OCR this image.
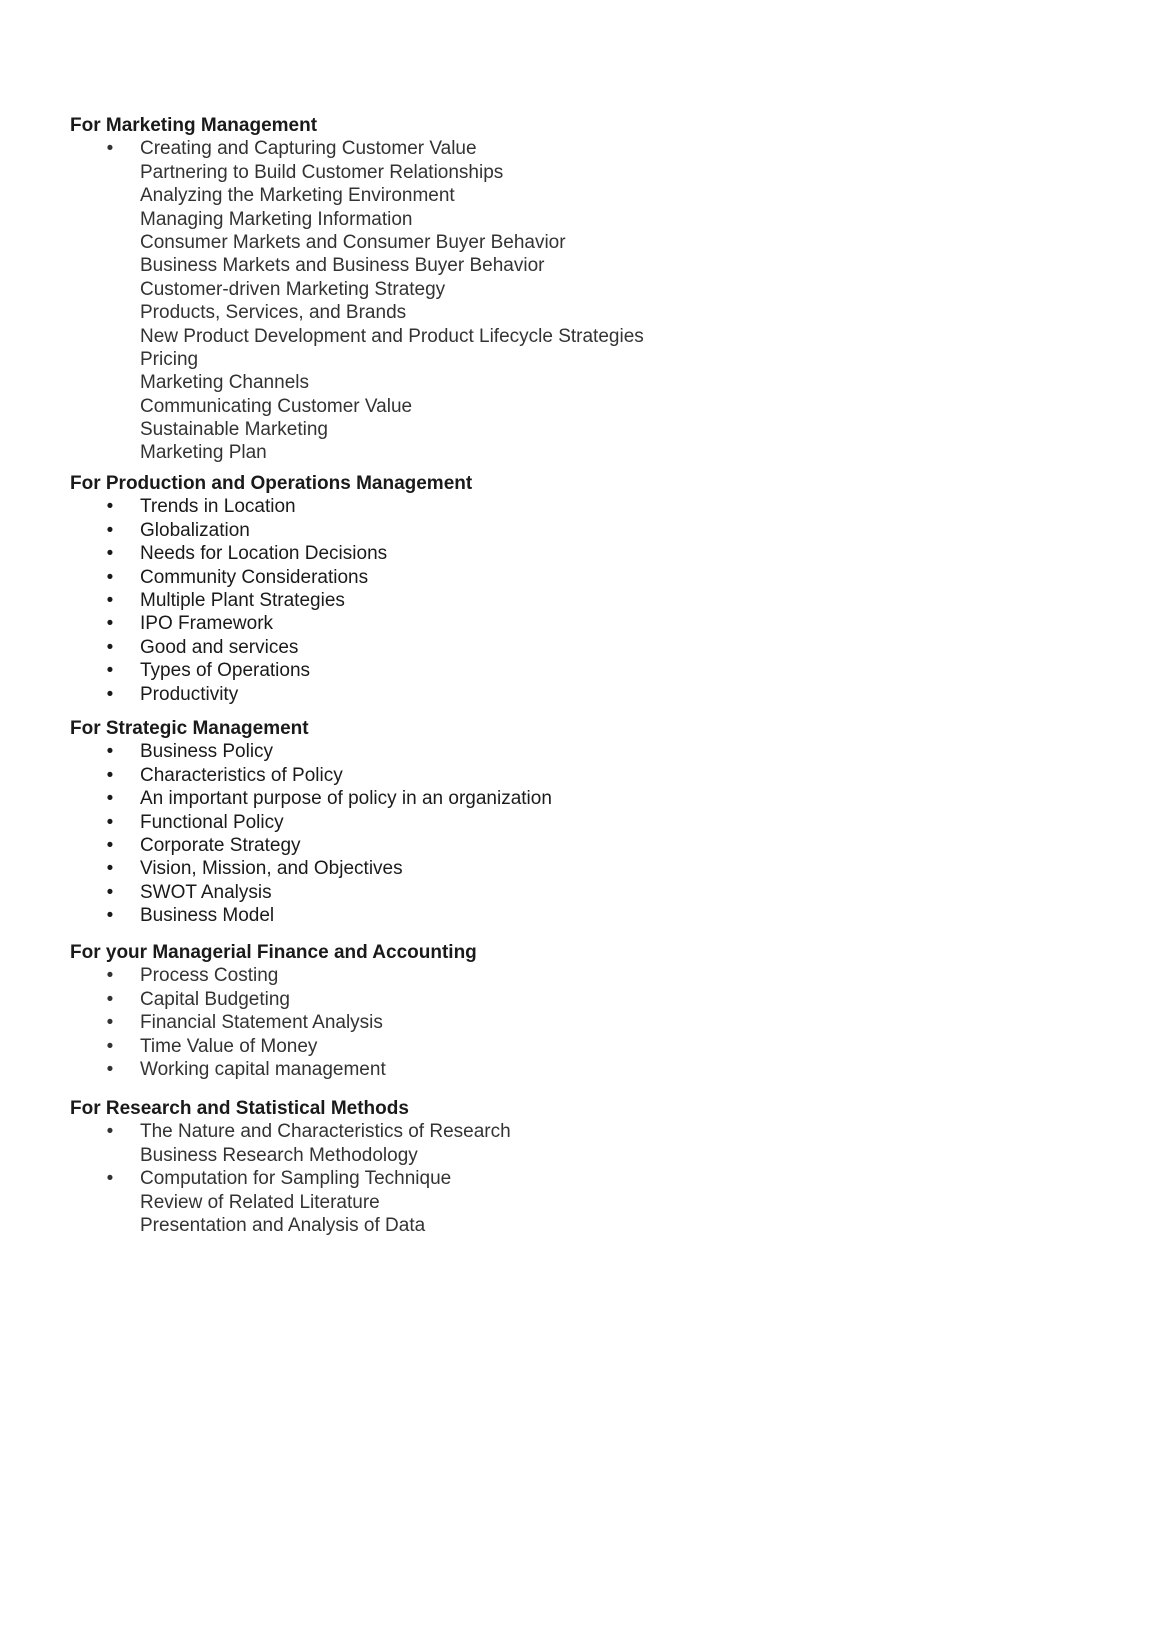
For Marketing Management
• Creating and Capturing Customer Value
Partnering to Build Customer Relationships
Analyzing the Marketing Environment
Managing Marketing Information
Consumer Markets and Consumer Buyer Behavior
Business Markets and Business Buyer Behavior
Customer-driven Marketing Strategy
Products, Services, and Brands
New Product Development and Product Lifecycle Strategies
Pricing
Marketing Channels
Communicating Customer Value
Sustainable Marketing
Marketing Plan
For Production and Operations Management
• Trends in Location
• Globalization
• Needs for Location Decisions
• Community Considerations
• Multiple Plant Strategies
• IPO Framework
• Good and services
• Types of Operations
• Productivity
For Strategic Management
• Business Policy
• Characteristics of Policy
• An important purpose of policy in an organization
• Functional Policy
• Corporate Strategy
• Vision, Mission, and Objectives
• SWOT Analysis
• Business Model
For your Managerial Finance and Accounting
• Process Costing
• Capital Budgeting
• Financial Statement Analysis
• Time Value of Money
• Working capital management
For Research and Statistical Methods
• The Nature and Characteristics of Research
Business Research Methodology
• Computation for Sampling Technique
Review of Related Literature
Presentation and Analysis of Data
